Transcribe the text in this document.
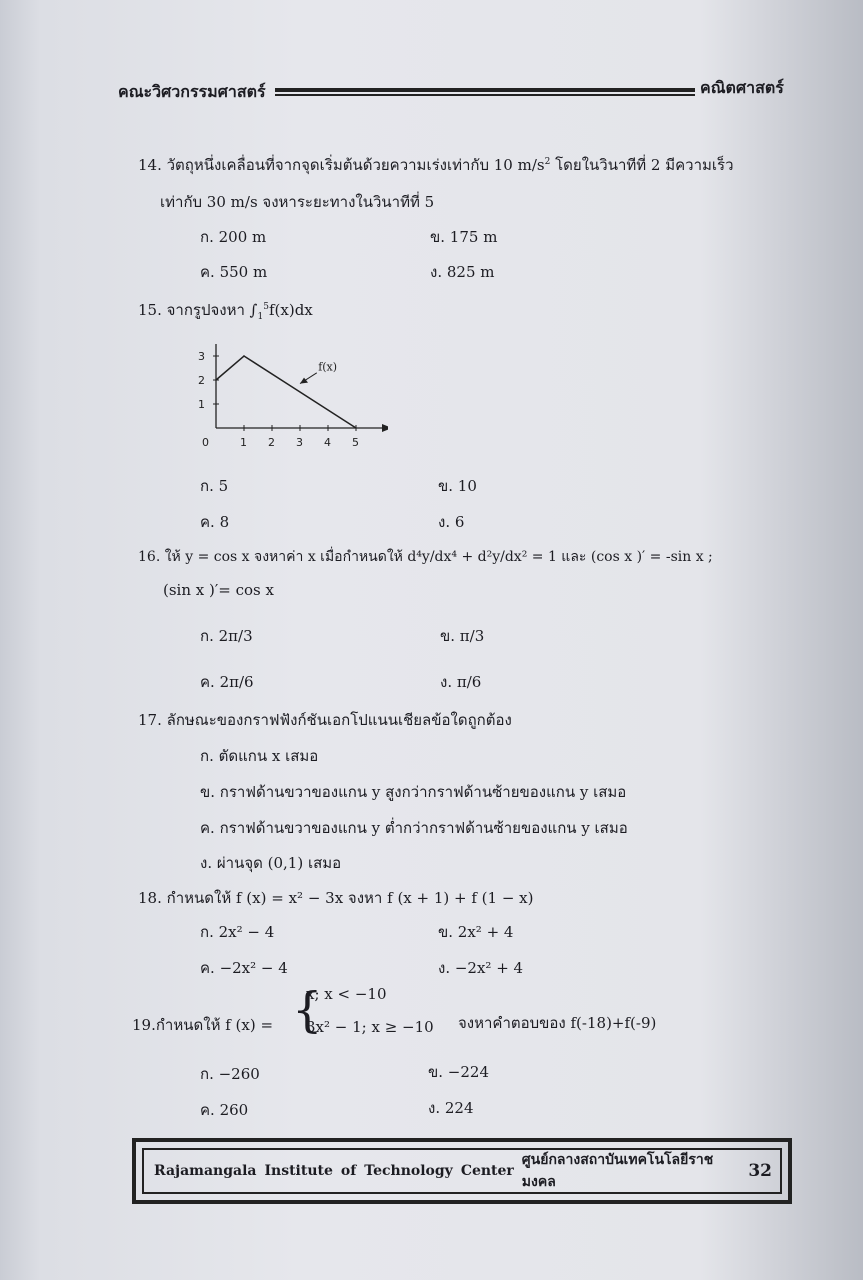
คณะวิศวกรรมศาสตร์	คณิตศาสตร์
14. วัตถุหนึ่งเคลื่อนที่จากจุดเริ่มต้นด้วยความเร่งเท่ากับ 10 $m/s^2$ โดยในวินาทีที่ 2 มีความเร็ว
เท่ากับ 30 m/s จงหาระยะทางในวินาทีที่ 5
ก. 200 m	ข. 175 m
ค. 550 m	ง. 825 m
15. จากรูปจงหา $\int_1^5f(x)dx$
0	1 2 3 4 5
1
2
3
f(x)
ก. 5	ข. 10
ค. 8	ง. 6
16. ให้ y = cos x จงหาค่า x เมื่อกำหนดให้ d⁴y/dx⁴ + d²y/dx² = 1 และ (cos x )′ = -sin x ;
(sin x )′= cos x
ก. 2π/3	ข. π/3
ค. 2π/6	ง. π/6
17. ลักษณะของกราฟฟังก์ชันเอกโปแนนเชียลข้อใดถูกต้อง
ก. ตัดแกน x เสมอ
ข. กราฟด้านขวาของแกน y สูงกว่ากราฟด้านซ้ายของแกน y เสมอ
ค. กราฟด้านขวาของแกน y ต่ำกว่ากราฟด้านซ้ายของแกน y เสมอ
ง. ผ่านจุด (0,1) เสมอ
18. กำหนดให้ f (x) = x² − 3x จงหา f (x + 1) + f (1 − x)
ก. 2x² − 4	ข. 2x² + 4
ค. −2x² − 4	ง. −2x² + 4
19.กำหนดให้ f (x) = {
x; x < −10
3x² − 1; x ≥ −10 จงหาคำตอบของ f(-18)+f(-9)
ก. −260	ข. −224
ค. 260	ง. 224
Rajamangala Institute of Technology Center
ศูนย์กลางสถาบันเทคโนโลยีราชมงคล
32
